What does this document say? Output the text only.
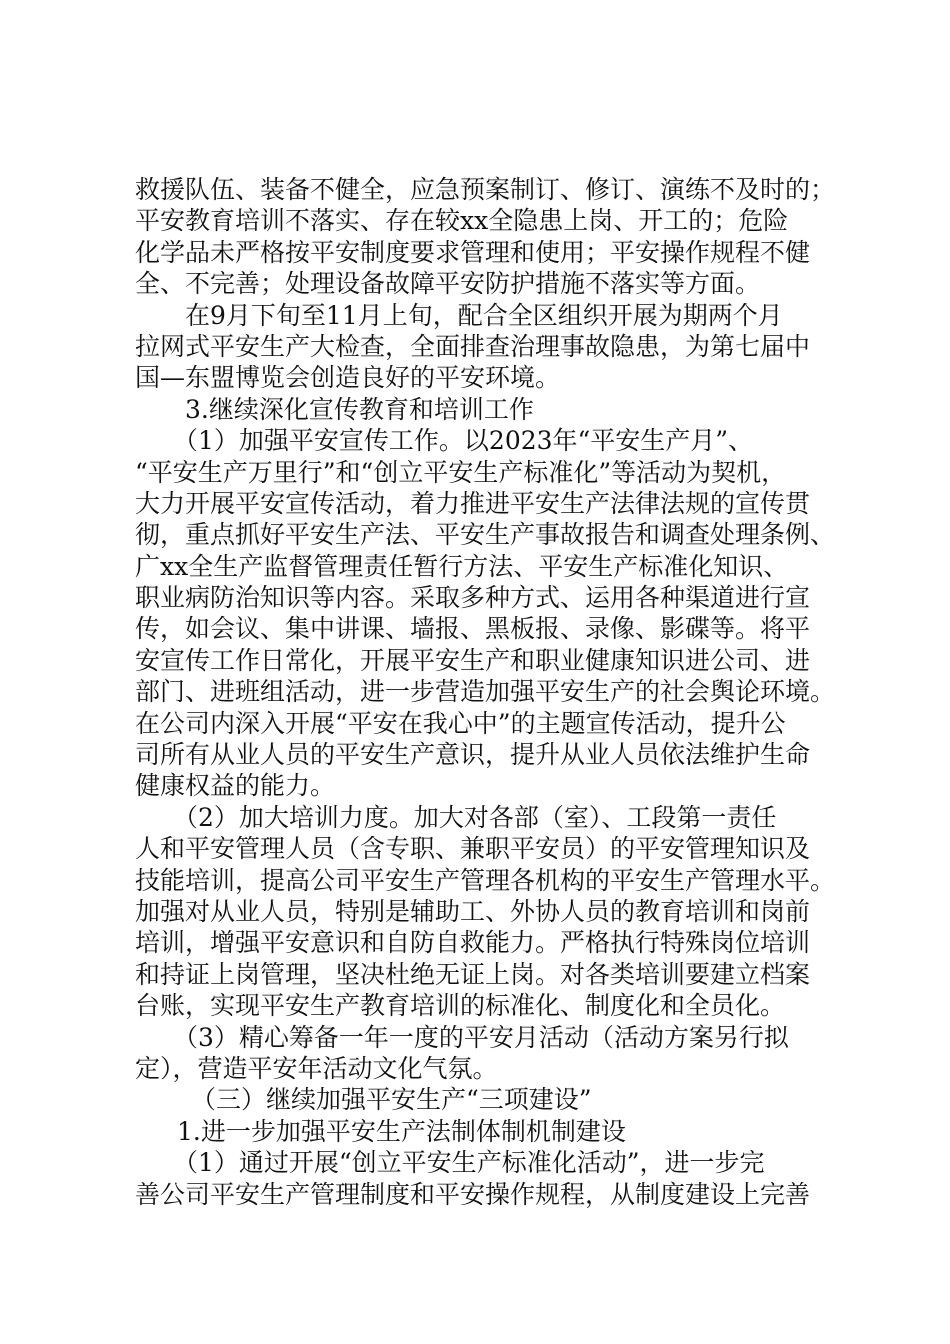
救援队伍、装备不健全，应急预案制订、修订、演练不及时的；
平安教育培训不落实、存在较xx全隐患上岗、开工的；危险
化学品未严格按平安制度要求管理和使用；平安操作规程不健
全、不完善；处理设备故障平安防护措施不落实等方面。
在9月下旬至11月上旬，配合全区组织开展为期两个月
拉网式平安生产大检查，全面排查治理事故隐患，为第七届中
国—东盟博览会创造良好的平安环境。
3.继续深化宣传教育和培训工作
（1）加强平安宣传工作。以2023年“平安生产月”、
“平安生产万里行”和“创立平安生产标准化”等活动为契机，
大力开展平安宣传活动，着力推进平安生产法律法规的宣传贯
彻，重点抓好平安生产法、平安生产事故报告和调查处理条例、
广xx全生产监督管理责任暂行方法、平安生产标准化知识、
职业病防治知识等内容。采取多种方式、运用各种渠道进行宣
传，如会议、集中讲课、墙报、黑板报、录像、影碟等。将平
安宣传工作日常化，开展平安生产和职业健康知识进公司、进
部门、进班组活动，进一步营造加强平安生产的社会舆论环境。
在公司内深入开展“平安在我心中”的主题宣传活动，提升公
司所有从业人员的平安生产意识，提升从业人员依法维护生命
健康权益的能力。
（2）加大培训力度。加大对各部（室）、工段第一责任
人和平安管理人员（含专职、兼职平安员）的平安管理知识及
技能培训，提高公司平安生产管理各机构的平安生产管理水平。
加强对从业人员，特别是辅助工、外协人员的教育培训和岗前
培训，增强平安意识和自防自救能力。严格执行特殊岗位培训
和持证上岗管理，坚决杜绝无证上岗。对各类培训要建立档案
台账，实现平安生产教育培训的标准化、制度化和全员化。
（3）精心筹备一年一度的平安月活动（活动方案另行拟
定），营造平安年活动文化气氛。
（三）继续加强平安生产“三项建设”
1.进一步加强平安生产法制体制机制建设
（1）通过开展“创立平安生产标准化活动”，进一步完
善公司平安生产管理制度和平安操作规程，从制度建设上完善
